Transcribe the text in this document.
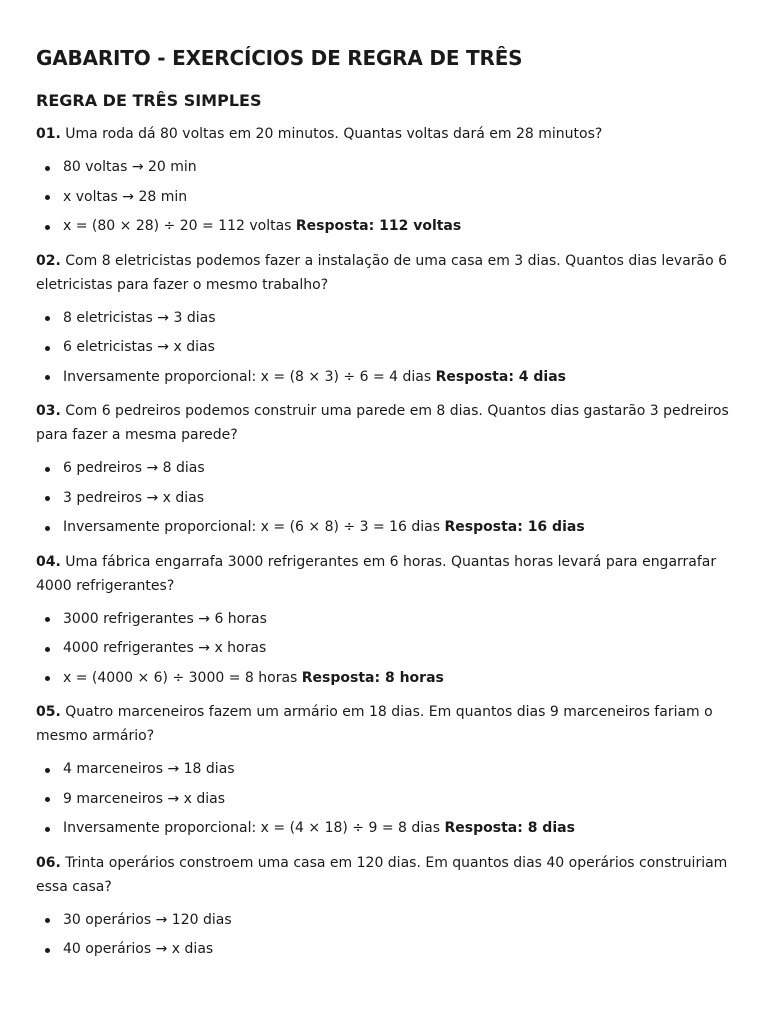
GABARITO - EXERCÍCIOS DE REGRA DE TRÊS
REGRA DE TRÊS SIMPLES

01. Uma roda dá 80 voltas em 20 minutos. Quantas voltas dará em 28 minutos?

80 voltas → 20 min
x voltas → 28 min
x = (80 × 28) ÷ 20 = 112 voltas Resposta: 112 voltas

02. Com 8 eletricistas podemos fazer a instalação de uma casa em 3 dias. Quantos dias levarão 6 eletricistas para fazer o mesmo trabalho?

8 eletricistas → 3 dias
6 eletricistas → x dias
Inversamente proporcional: x = (8 × 3) ÷ 6 = 4 dias Resposta: 4 dias

03. Com 6 pedreiros podemos construir uma parede em 8 dias. Quantos dias gastarão 3 pedreiros para fazer a mesma parede?

6 pedreiros → 8 dias
3 pedreiros → x dias
Inversamente proporcional: x = (6 × 8) ÷ 3 = 16 dias Resposta: 16 dias

04. Uma fábrica engarrafa 3000 refrigerantes em 6 horas. Quantas horas levará para engarrafar 4000 refrigerantes?

3000 refrigerantes → 6 horas
4000 refrigerantes → x horas
x = (4000 × 6) ÷ 3000 = 8 horas Resposta: 8 horas

05. Quatro marceneiros fazem um armário em 18 dias. Em quantos dias 9 marceneiros fariam o mesmo armário?

4 marceneiros → 18 dias
9 marceneiros → x dias
Inversamente proporcional: x = (4 × 18) ÷ 9 = 8 dias Resposta: 8 dias

06. Trinta operários constroem uma casa em 120 dias. Em quantos dias 40 operários construiriam essa casa?

30 operários → 120 dias
40 operários → x dias
